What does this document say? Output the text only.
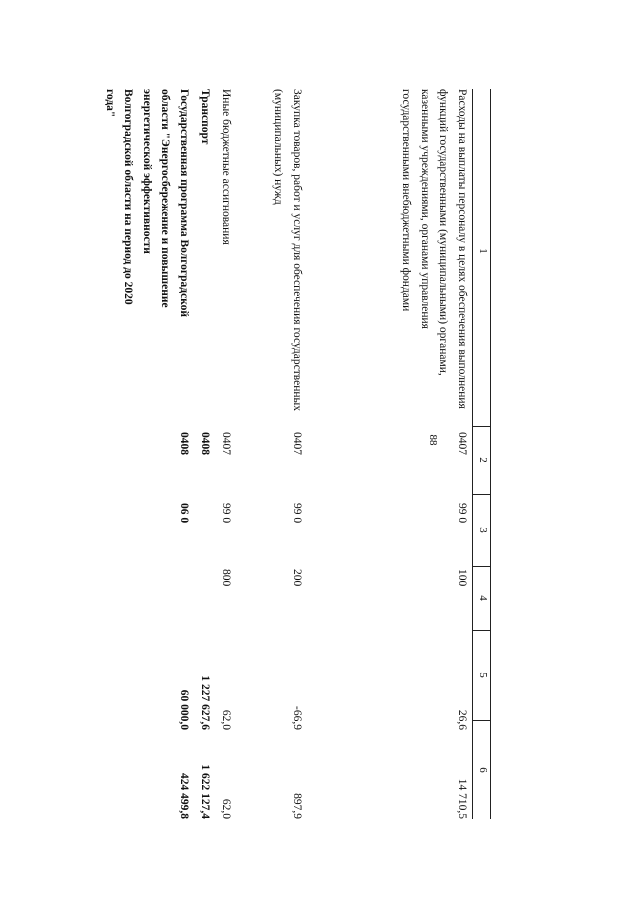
88
1
2
3
4
5
6
Расходы на выплаты персоналу в целях обеспечения выполнения функций государственными (муниципальными) органами, казенными учреждениями, органами управления государственными внебюджетными фондами
0407
99 0
100
26,6
14 710,5
Закупка товаров, работ и услуг для обеспечения государственных (муниципальных) нужд
0407
99 0
200
-66,9
897,9
Иные бюджетные ассигнования
0407
99 0
800
62,0
62,0
Транспорт
0408
1 227 627,6
1 622 127,4
Государственная программа Волгоградской области "Энергосбережение и повышение энергетической эффективности Волгоградской области на период до 2020 года"
0408
06 0
60 000,0
424 499,8
